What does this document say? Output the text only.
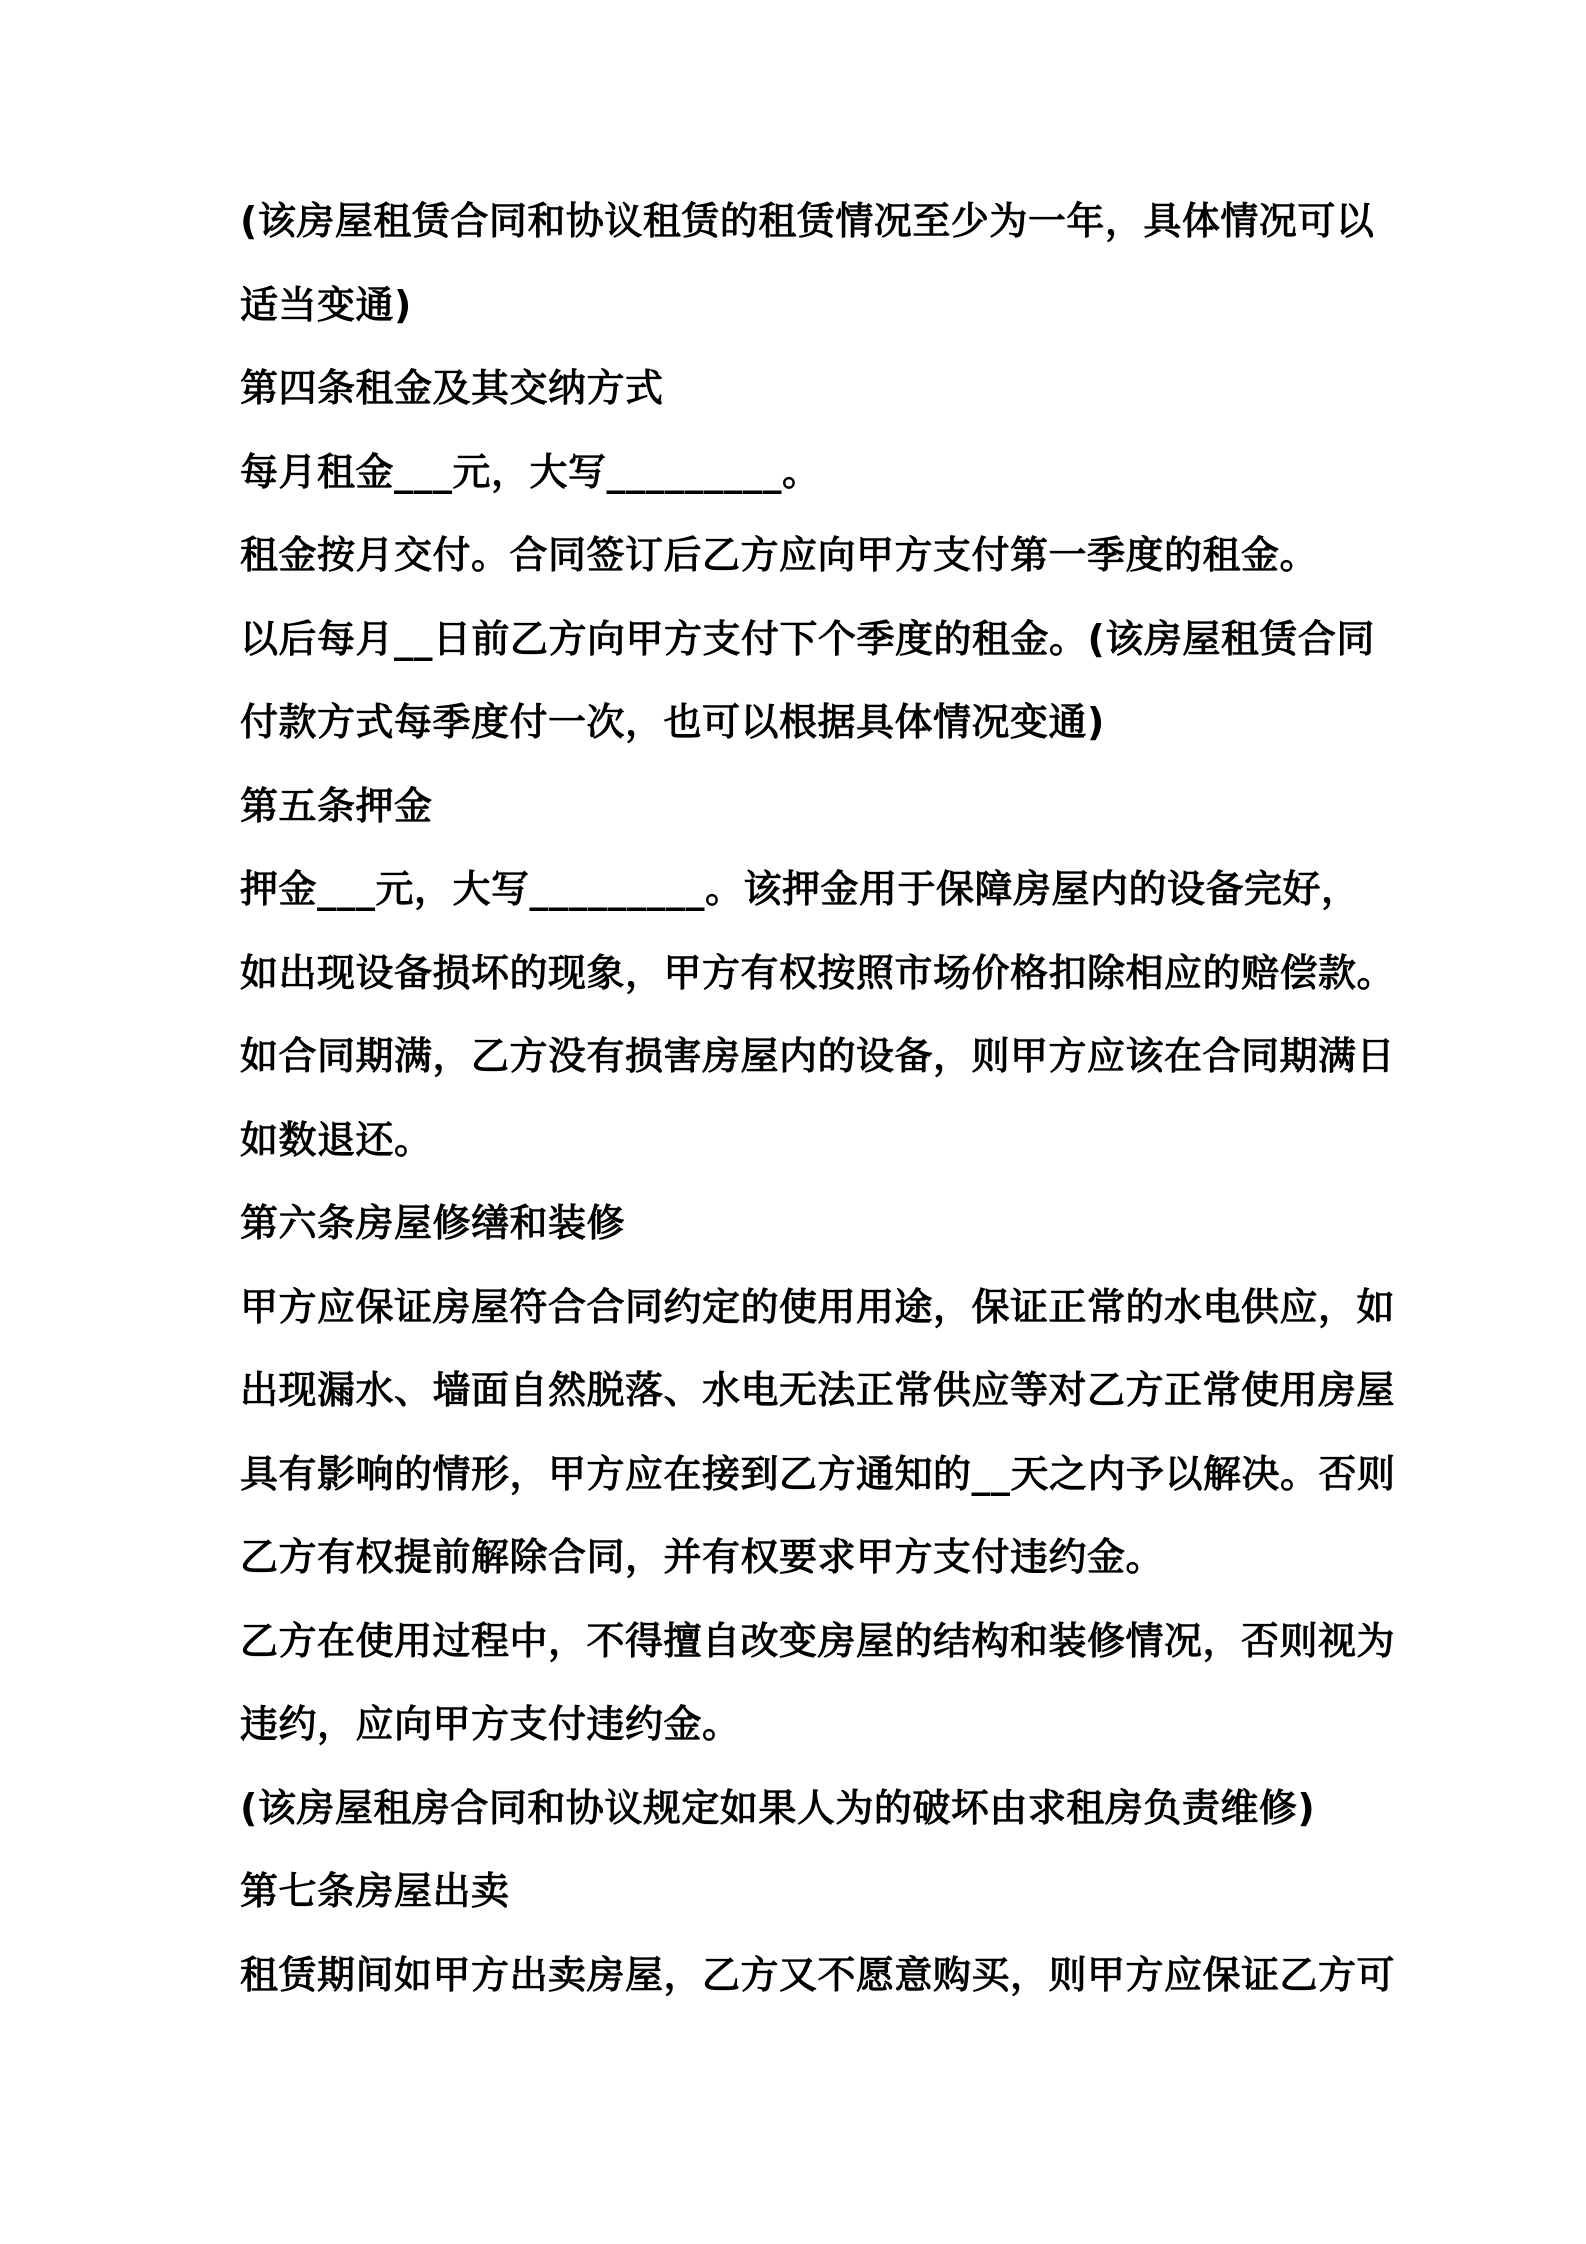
(该房屋租赁合同和协议租赁的租赁情况至少为一年，具体情况可以
适当变通)
第四条租金及其交纳方式
每月租金___元，大写_________。
租金按月交付。合同签订后乙方应向甲方支付第一季度的租金。
以后每月__日前乙方向甲方支付下个季度的租金。(该房屋租赁合同
付款方式每季度付一次，也可以根据具体情况变通)
第五条押金
押金___元，大写_________。该押金用于保障房屋内的设备完好，
如出现设备损坏的现象，甲方有权按照市场价格扣除相应的赔偿款。
如合同期满，乙方没有损害房屋内的设备，则甲方应该在合同期满日
如数退还。
第六条房屋修缮和装修
甲方应保证房屋符合合同约定的使用用途，保证正常的水电供应，如
出现漏水、墙面自然脱落、水电无法正常供应等对乙方正常使用房屋
具有影响的情形，甲方应在接到乙方通知的__天之内予以解决。否则
乙方有权提前解除合同，并有权要求甲方支付违约金。
乙方在使用过程中，不得擅自改变房屋的结构和装修情况，否则视为
违约，应向甲方支付违约金。
(该房屋租房合同和协议规定如果人为的破坏由求租房负责维修)
第七条房屋出卖
租赁期间如甲方出卖房屋，乙方又不愿意购买，则甲方应保证乙方可
